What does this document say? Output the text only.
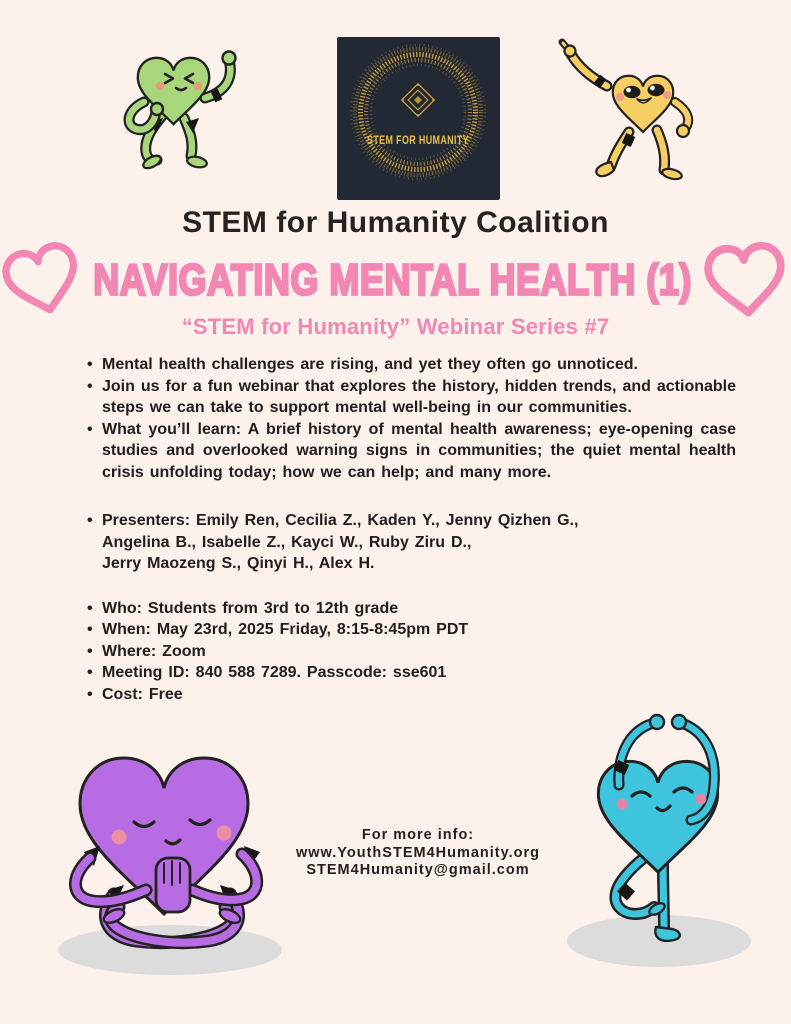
STEM FOR HUMANITY
STEM for Humanity Coalition
NAVIGATING MENTAL HEALTH (1)
“STEM for Humanity” Webinar Series #7
• Mental health challenges are rising, and yet they often go unnoticed.
• Join us for a fun webinar that explores the history, hidden trends, and actionable steps we can take to support mental well-being in our communities.
• What you’ll learn: A brief history of mental health awareness; eye-opening case studies and overlooked warning signs in communities; the quiet mental health crisis unfolding today; how we can help; and many more.
• Presenters: Emily Ren, Cecilia Z., Kaden Y., Jenny Qizhen G.,
Angelina B., Isabelle Z., Kayci W., Ruby Ziru D.,
Jerry Maozeng S., Qinyi H., Alex H.
• Who: Students from 3rd to 12th grade
• When: May 23rd, 2025 Friday, 8:15-8:45pm PDT
• Where: Zoom
• Meeting ID: 840 588 7289. Passcode: sse601
• Cost: Free
For more info:
www.YouthSTEM4Humanity.org
STEM4Humanity@gmail.com
